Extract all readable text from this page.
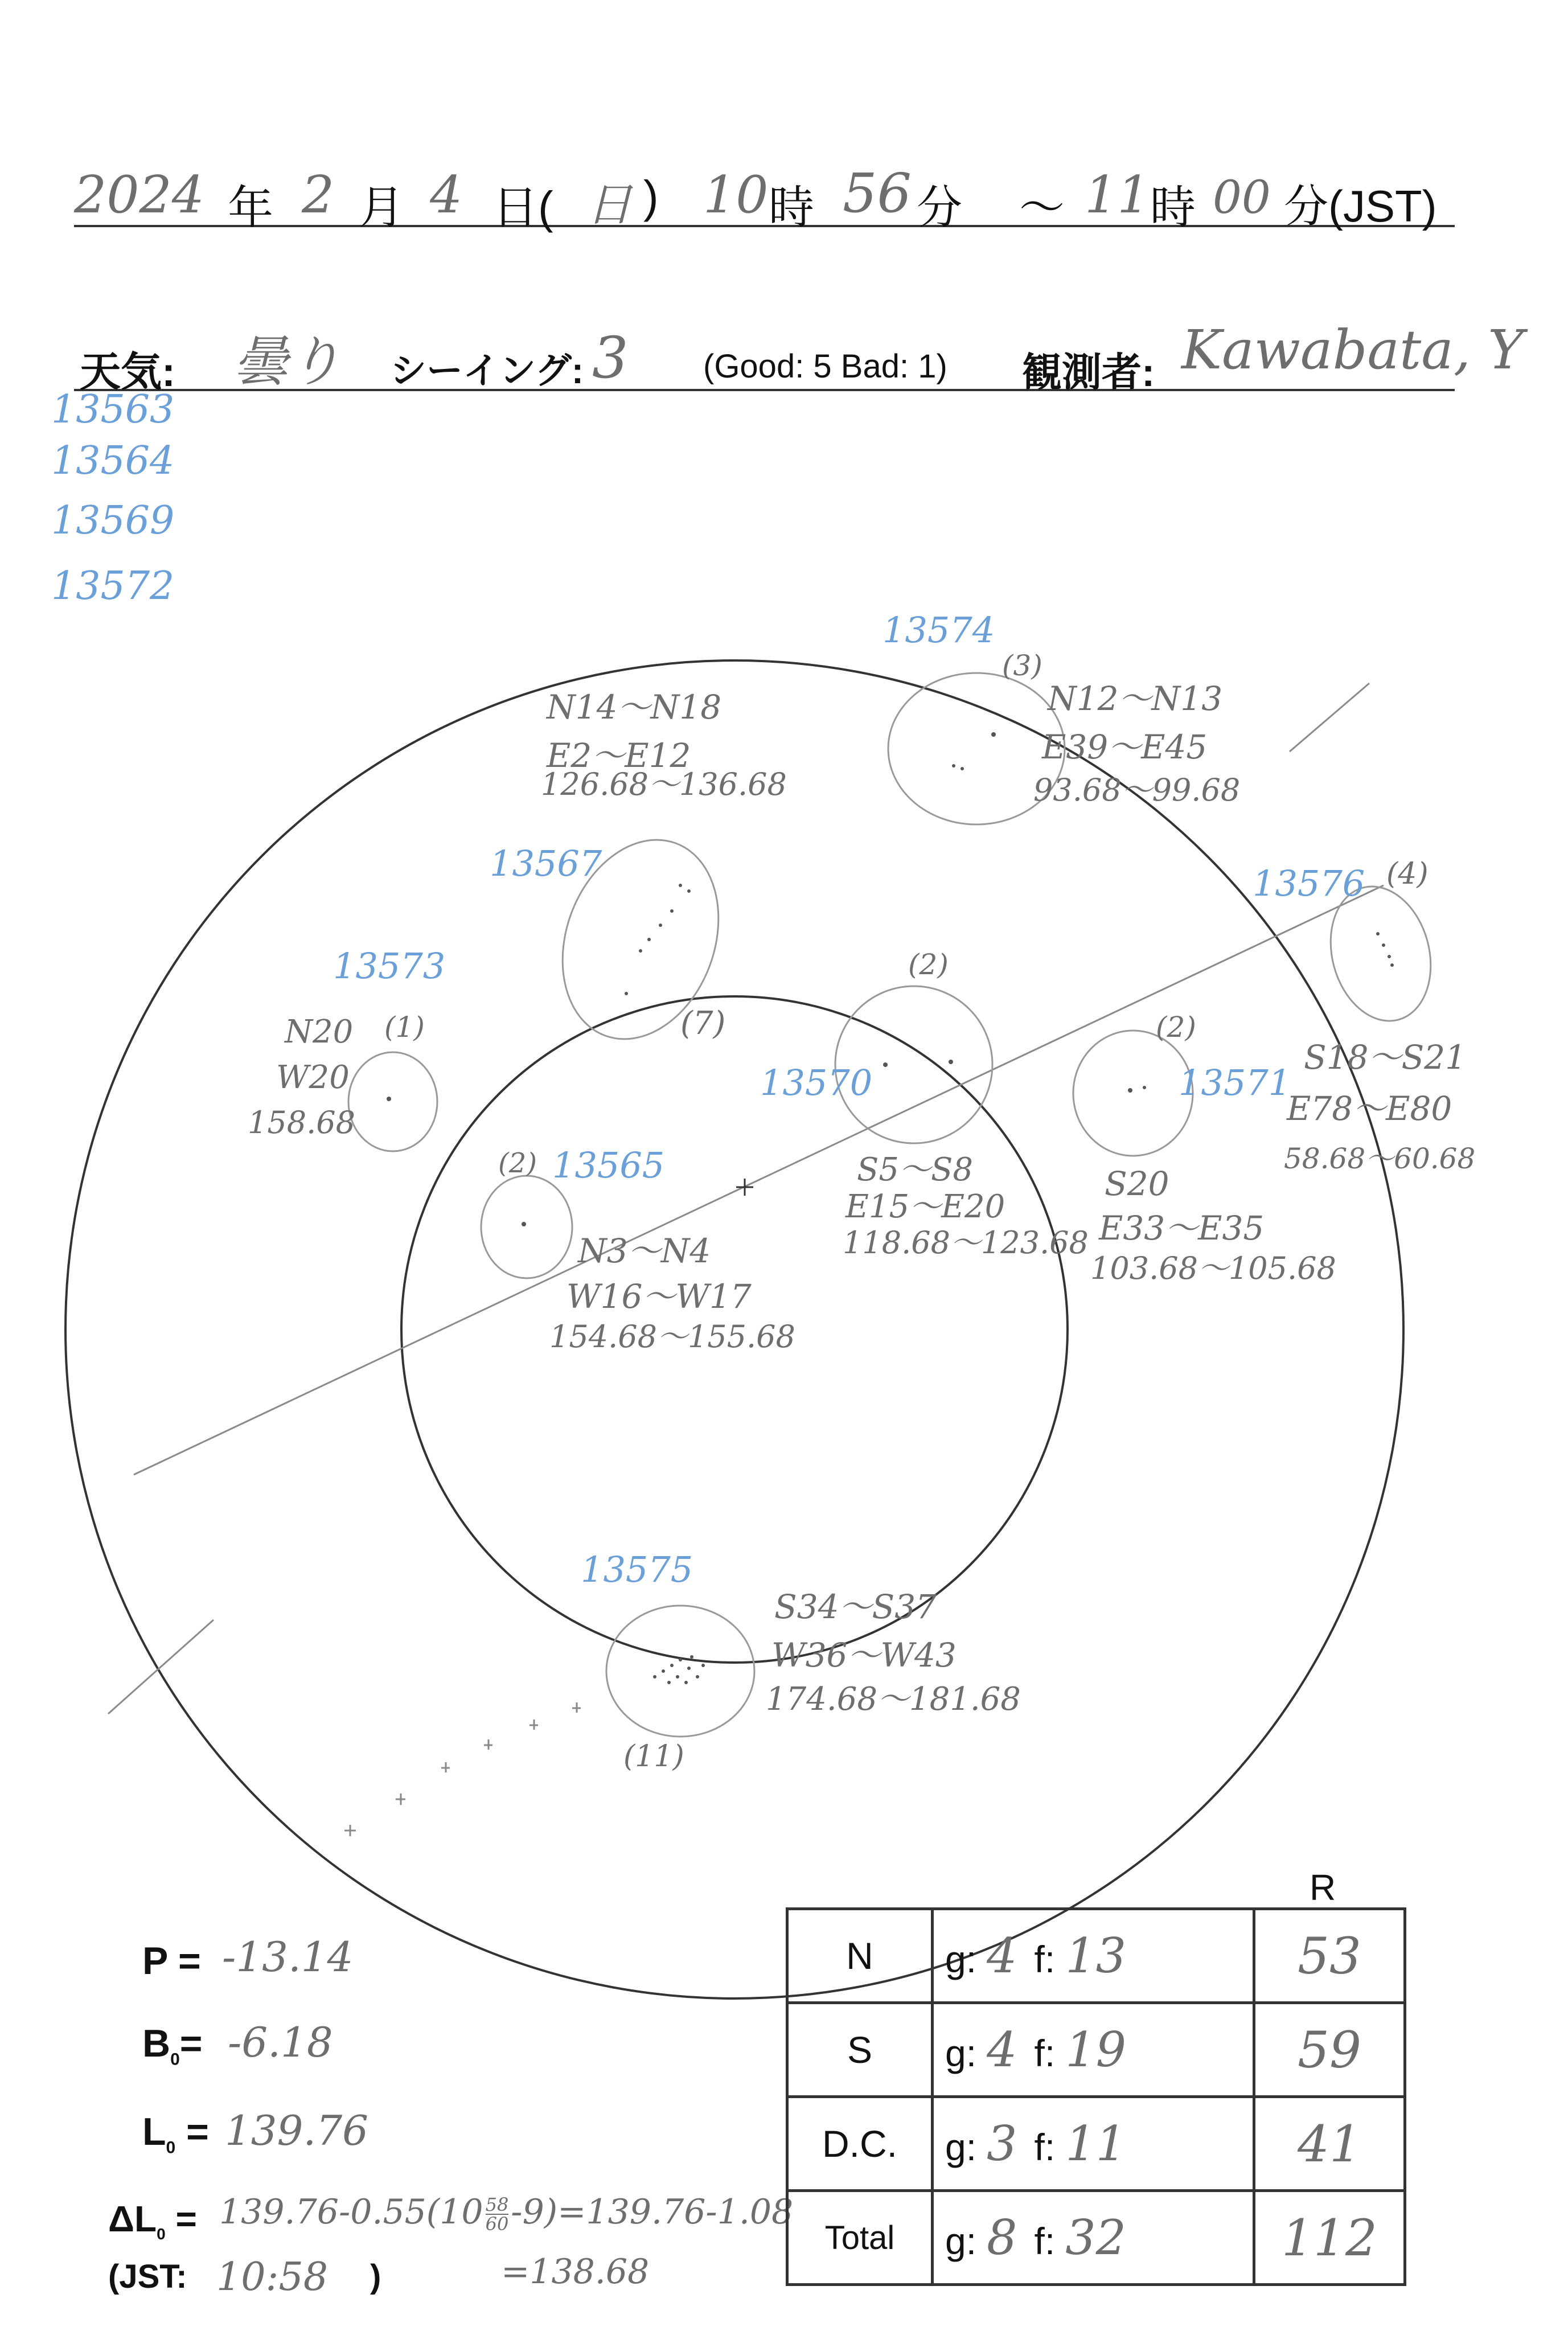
2024 年 2 月 4 日( 日 ) 10 時 56 分 ～ 11 時 00 分(JST)
天気: 曇り シーイング: 3 (Good: 5 Bad: 1) 観測者: Kawabata, Y
13563
13564
13569
13572
13574
(3)
N12～N13
E39～E45
93.68～99.68
N14～N18
E2～E12
126.68～136.68
13567
(7)
13576 (4)
S18～S21
E78～E80
58.68～60.68
13573
(1)
N20
W20
158.68
(2)
13570
S5～S8
E15～E20
118.68～123.68
(2)
13571
S20
E33～E35
103.68～105.68
(2) 13565
N3～N4
W16～W17
154.68～155.68
13575
S34～S37
W36～W43
174.68～181.68
(11)
P = -13.14
$B_0= -6.18$
$L_0 = 139.76$
$\Delta L_0 = 139.76-0.55(10 \frac{58}{60} -9)=139.76-1.08$
(JST: 10:58 )	=138.68
R
N	g: 4 f: 13	53
S	g: 4 f: 19	59
D.C.	g: 3 f: 11	41
Total	g: 8 f: 32	112
